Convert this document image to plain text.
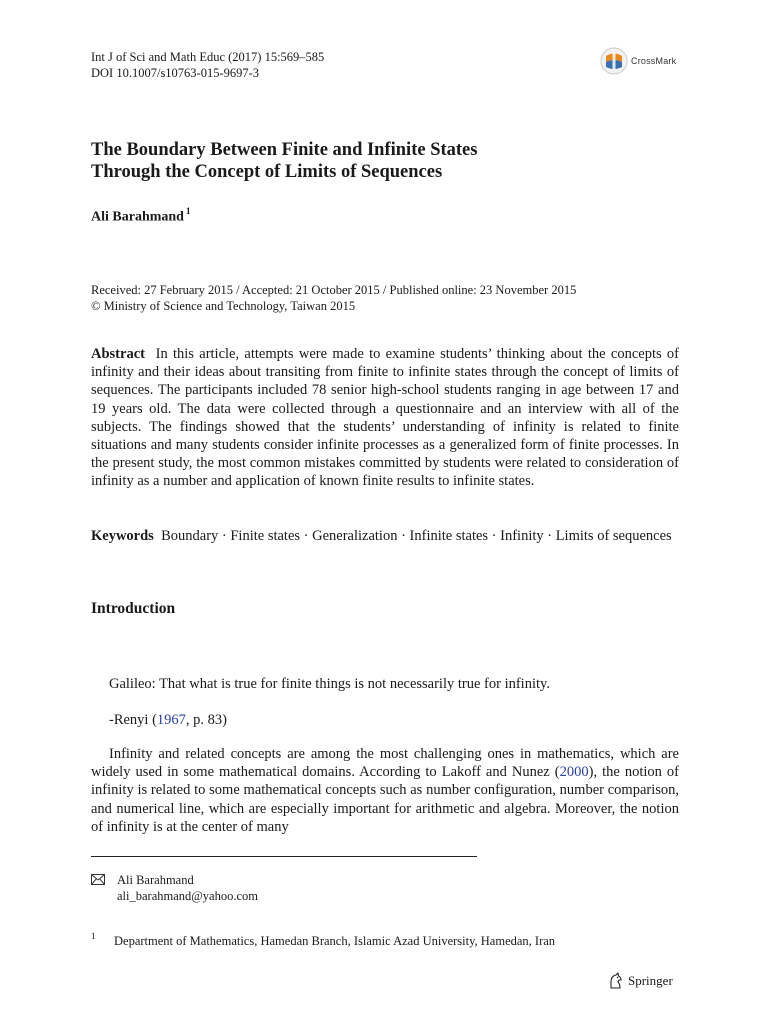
Int J of Sci and Math Educ (2017) 15:569–585
DOI 10.1007/s10763-015-9697-3
CrossMark
The Boundary Between Finite and Infinite States
Through the Concept of Limits of Sequences
Ali Barahmand $^1$
Received: 27 February 2015 / Accepted: 21 October 2015 / Published online: 23 November 2015
© Ministry of Science and Technology, Taiwan 2015
Abstract In this article, attempts were made to examine students’ thinking about the concepts of infinity and their ideas about transiting from finite to infinite states through the concept of limits of sequences. The participants included 78 senior high-school students ranging in age between 17 and 19 years old. The data were collected through a questionnaire and an interview with all of the subjects. The findings showed that the students’ understanding of infinity is related to finite situations and many students consider infinite processes as a generalized form of finite processes. In the present study, the most common mistakes committed by students were related to consideration of infinity as a number and application of known finite results to infinite states.
Keywords Boundary · Finite states · Generalization · Infinite states · Infinity · Limits of sequences
Introduction
Galileo: That what is true for finite things is not necessarily true for infinity.
-Renyi (1967, p. 83)
Infinity and related concepts are among the most challenging ones in mathematics, which are widely used in some mathematical domains. According to Lakoff and Nunez (2000), the notion of infinity is related to some mathematical concepts such as number configuration, number comparison, and numerical line, which are especially important for arithmetic and algebra. Moreover, the notion of infinity is at the center of many
Ali Barahmand
ali_barahmand@yahoo.com
1 Department of Mathematics, Hamedan Branch, Islamic Azad University, Hamedan, Iran
Springer
